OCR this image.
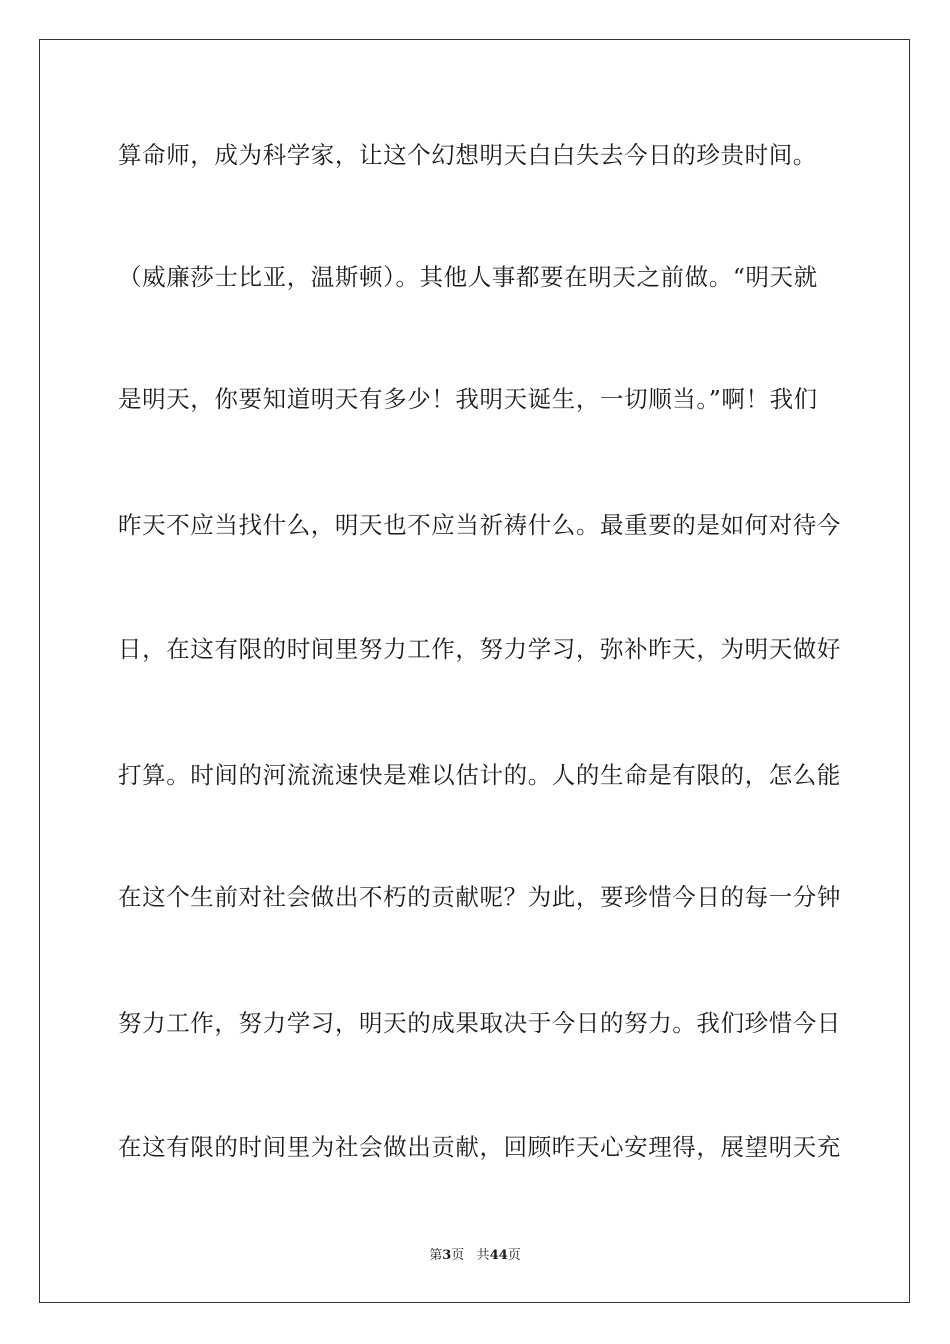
算命师，成为科学家，让这个幻想明天白白失去今日的珍贵时间。
（威廉莎士比亚，温斯顿）。其他人事都要在明天之前做。“明天就
是明天，你要知道明天有多少！我明天诞生，一切顺当。”啊！我们
昨天不应当找什么，明天也不应当祈祷什么。最重要的是如何对待今
日，在这有限的时间里努力工作，努力学习，弥补昨天，为明天做好
打算。时间的河流流速快是难以估计的。人的生命是有限的，怎么能
在这个生前对社会做出不朽的贡献呢？为此，要珍惜今日的每一分钟
努力工作，努力学习，明天的成果取决于今日的努力。我们珍惜今日
在这有限的时间里为社会做出贡献，回顾昨天心安理得，展望明天充
第3页 共44页
